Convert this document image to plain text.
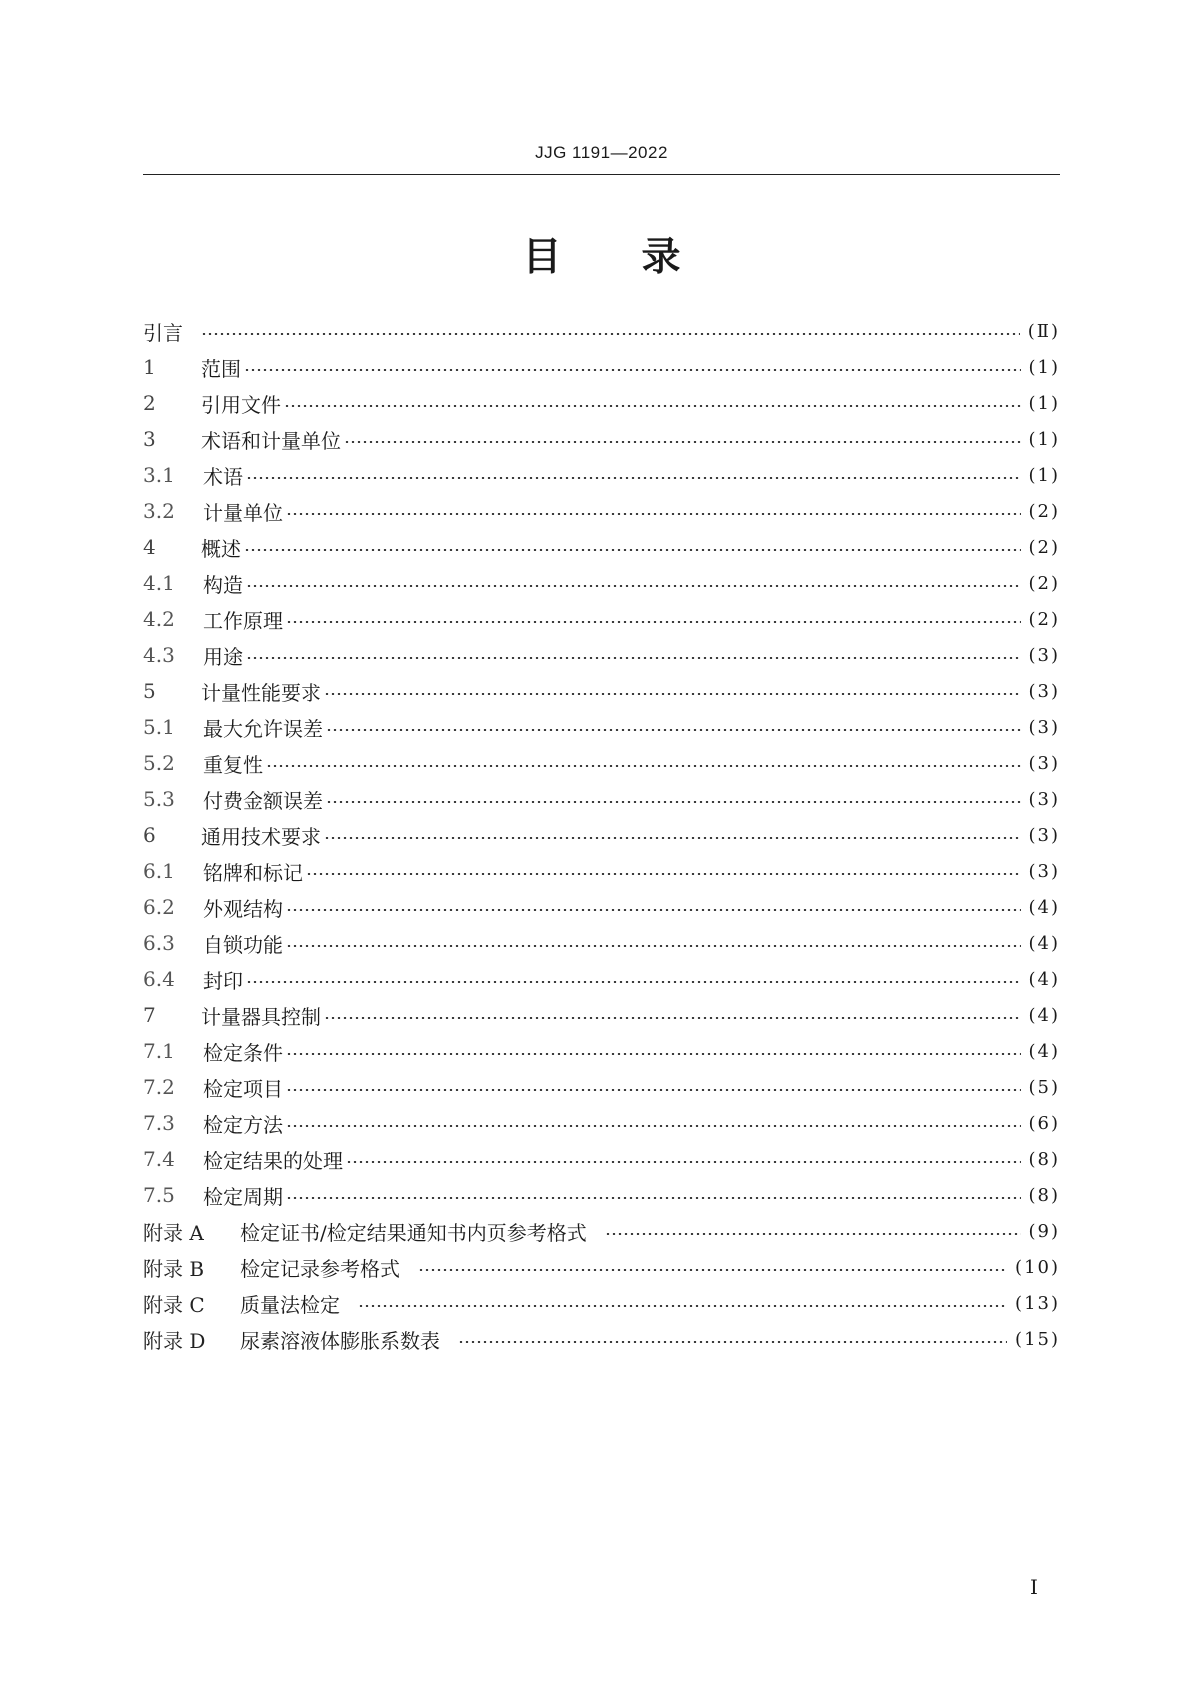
JJG 1191—2022
目 录
引言	(Ⅱ)
1	范围	(1)
2	引用文件	(1)
3	术语和计量单位	(1)
3.1	术语	(1)
3.2	计量单位	(2)
4	概述	(2)
4.1	构造	(2)
4.2	工作原理	(2)
4.3	用途	(3)
5	计量性能要求	(3)
5.1	最大允许误差	(3)
5.2	重复性	(3)
5.3	付费金额误差	(3)
6	通用技术要求	(3)
6.1	铭牌和标记	(3)
6.2	外观结构	(4)
6.3	自锁功能	(4)
6.4	封印	(4)
7	计量器具控制	(4)
7.1	检定条件	(4)
7.2	检定项目	(5)
7.3	检定方法	(6)
7.4	检定结果的处理	(8)
7.5	检定周期	(8)
附录 A	检定证书/检定结果通知书内页参考格式	(9)
附录 B	检定记录参考格式	(10)
附录 C	质量法检定	(13)
附录 D	尿素溶液体膨胀系数表	(15)
I
